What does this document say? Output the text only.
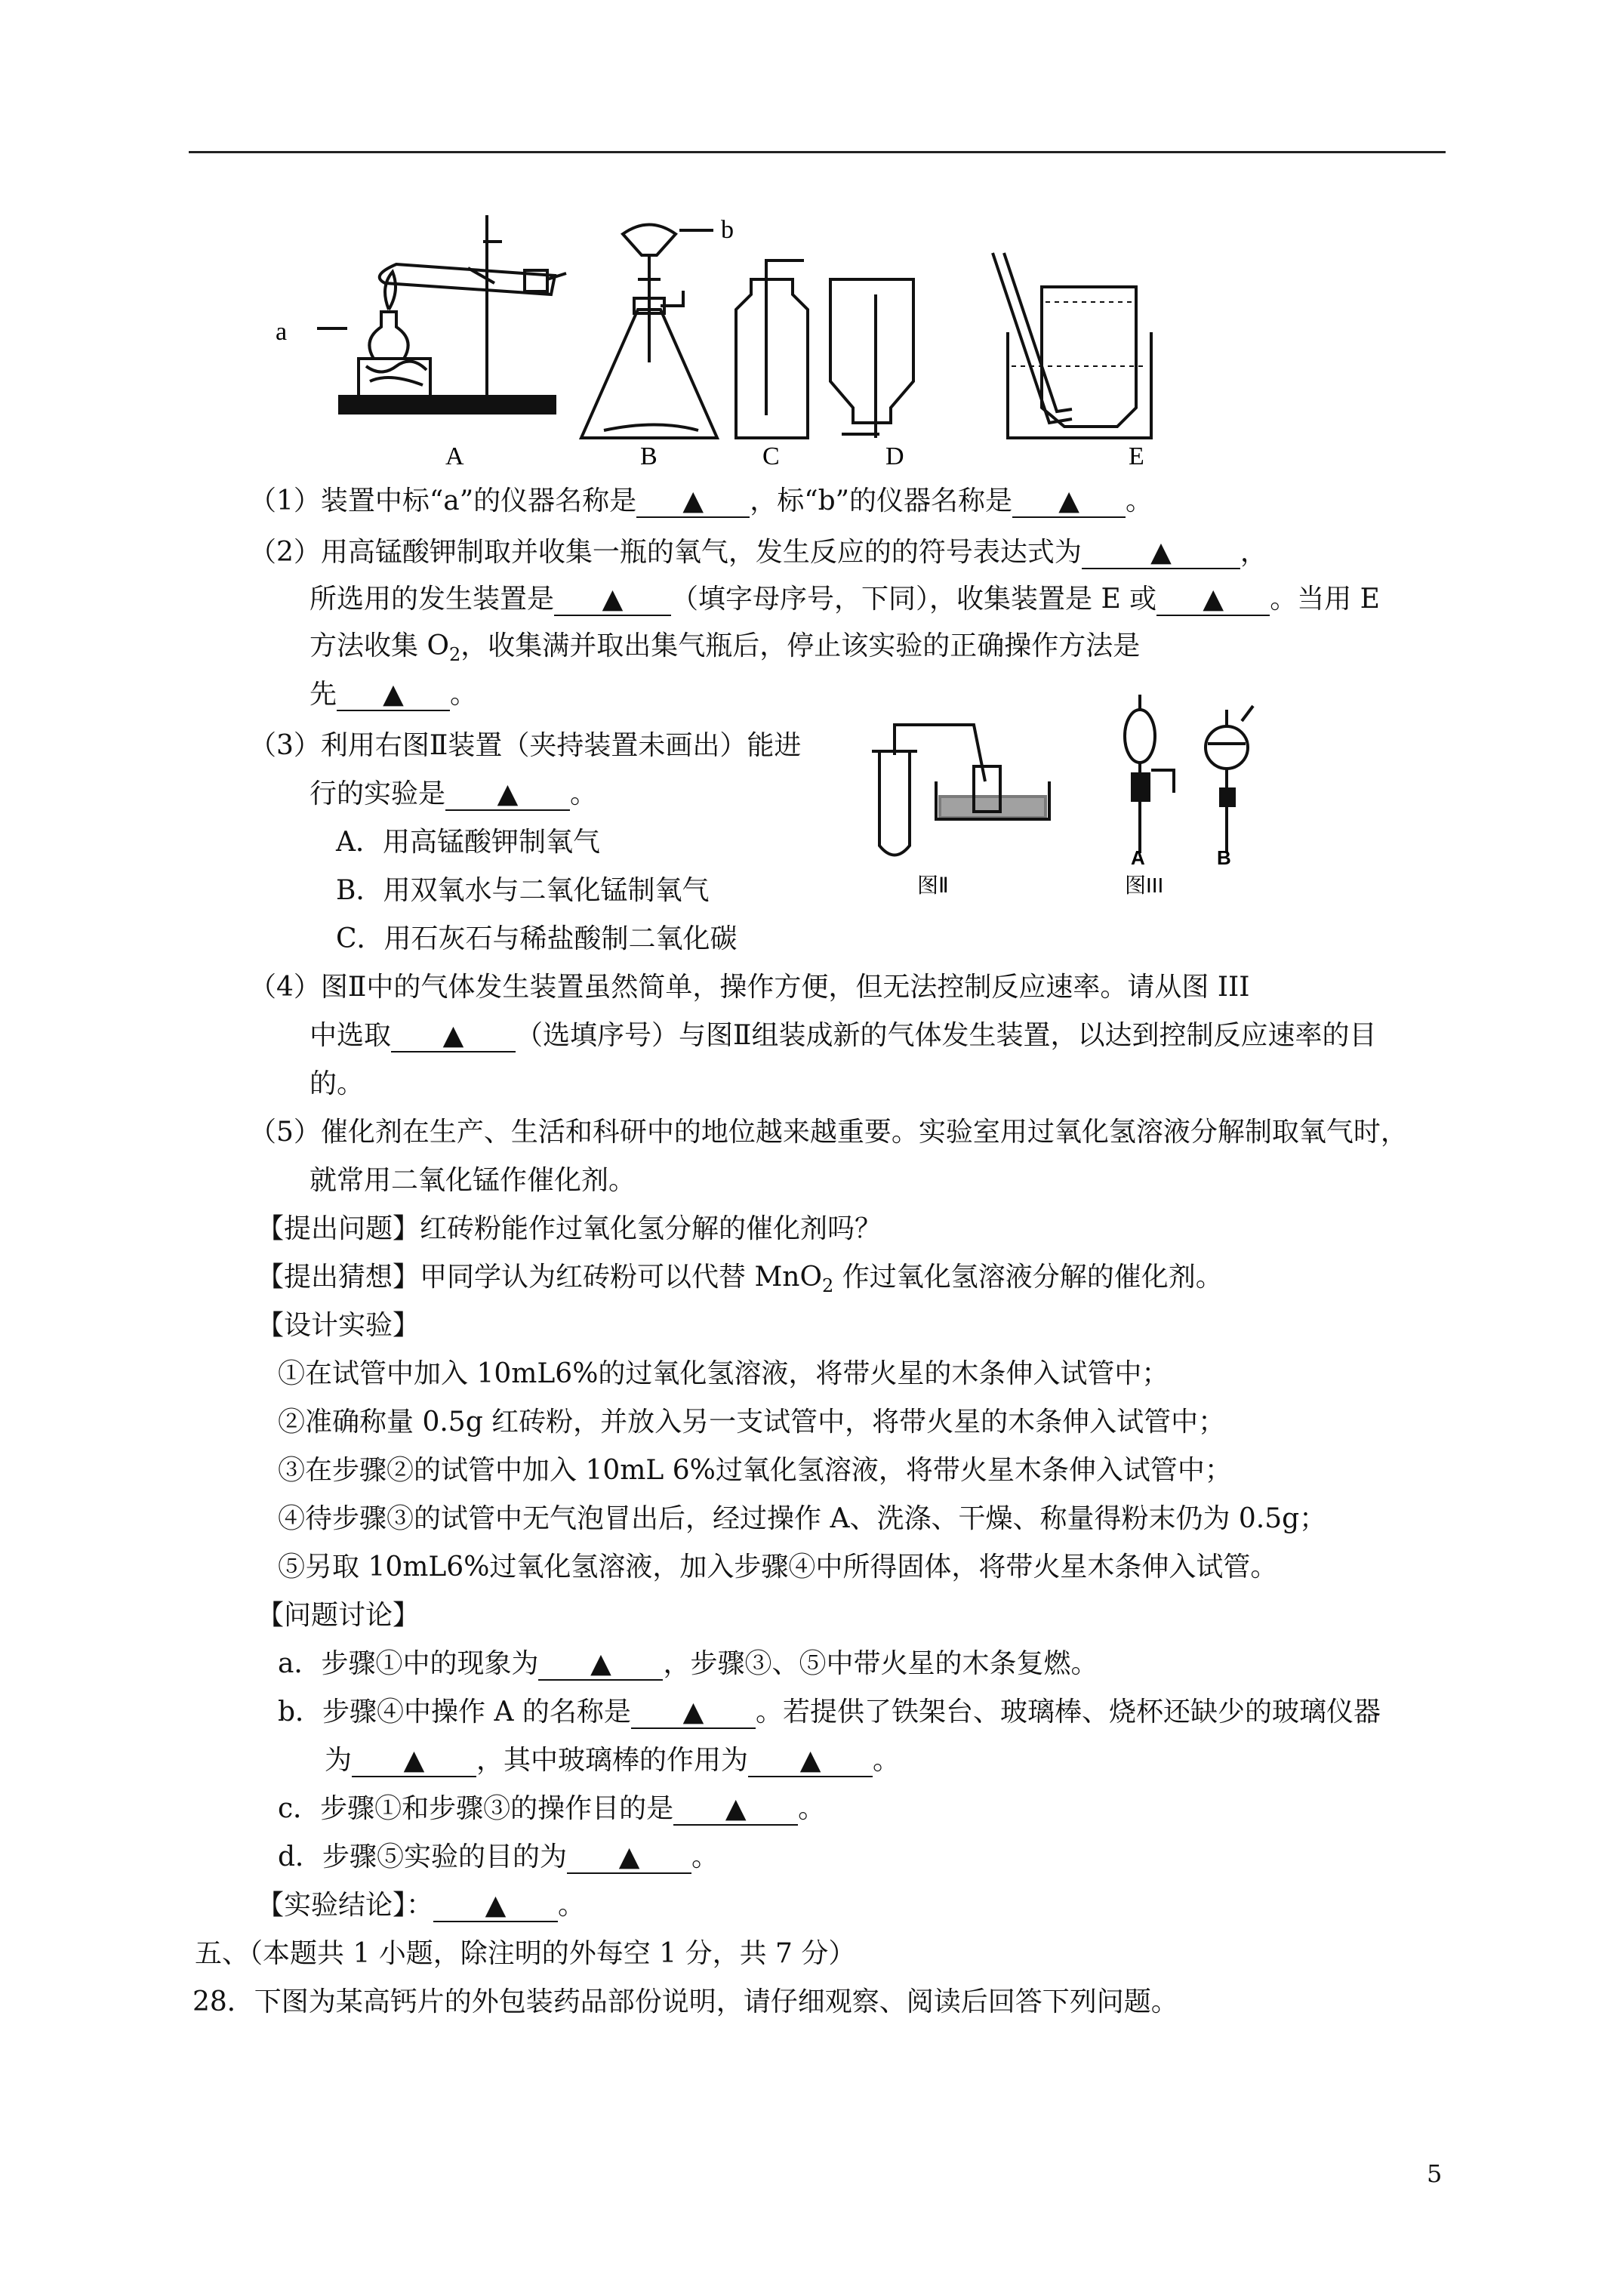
a
b
A	B	C	D	E
A	B
图Ⅱ	图III
（1）装置中标“a”的仪器名称是 ▲ ，标“b”的仪器名称是 ▲ 。
（2）用高锰酸钾制取并收集一瓶的氧气，发生反应的的符号表达式为	▲	，
所选用的发生装置是 ▲ （填字母序号，下同），收集装置是 E 或 ▲ 。当用 E
方法收集 $O_2$，收集满并取出集气瓶后，停止该实验的正确操作方法是
先 ▲ 。
（3）利用右图Ⅱ装置（夹持装置未画出）能进
行的实验是 ▲ 。
A．用高锰酸钾制氧气
B．用双氧水与二氧化锰制氧气
C．用石灰石与稀盐酸制二氧化碳
（4）图Ⅱ中的气体发生装置虽然简单，操作方便，但无法控制反应速率。请从图 III
中选取 ▲ （选填序号）与图Ⅱ组装成新的气体发生装置，以达到控制反应速率的目
的。
（5）催化剂在生产、生活和科研中的地位越来越重要。实验室用过氧化氢溶液分解制取氧气时，
就常用二氧化锰作催化剂。
【提出问题】红砖粉能作过氧化氢分解的催化剂吗？
【提出猜想】甲同学认为红砖粉可以代替 MnO$_2$ 作过氧化氢溶液分解的催化剂。
【设计实验】
①在试管中加入 10mL6%的过氧化氢溶液，将带火星的木条伸入试管中；
②准确称量 0.5g 红砖粉，并放入另一支试管中，将带火星的木条伸入试管中；
③在步骤②的试管中加入 10mL 6%过氧化氢溶液，将带火星木条伸入试管中；
④待步骤③的试管中无气泡冒出后，经过操作 A、洗涤、干燥、称量得粉末仍为 0.5g；
⑤另取 10mL6%过氧化氢溶液，加入步骤④中所得固体，将带火星木条伸入试管。
【问题讨论】
a．步骤①中的现象为 ▲ ，步骤③、⑤中带火星的木条复燃。
b．步骤④中操作 A 的名称是 ▲ 。若提供了铁架台、玻璃棒、烧杯还缺少的玻璃仪器
为 ▲ ，其中玻璃棒的作用为 ▲ 。
c．步骤①和步骤③的操作目的是 ▲ 。
d．步骤⑤实验的目的为 ▲ 。
【实验结论】： ▲ 。
五、（本题共 1 小题，除注明的外每空 1 分，共 7 分）
28．下图为某高钙片的外包装药品部份说明，请仔细观察、阅读后回答下列问题。
5
